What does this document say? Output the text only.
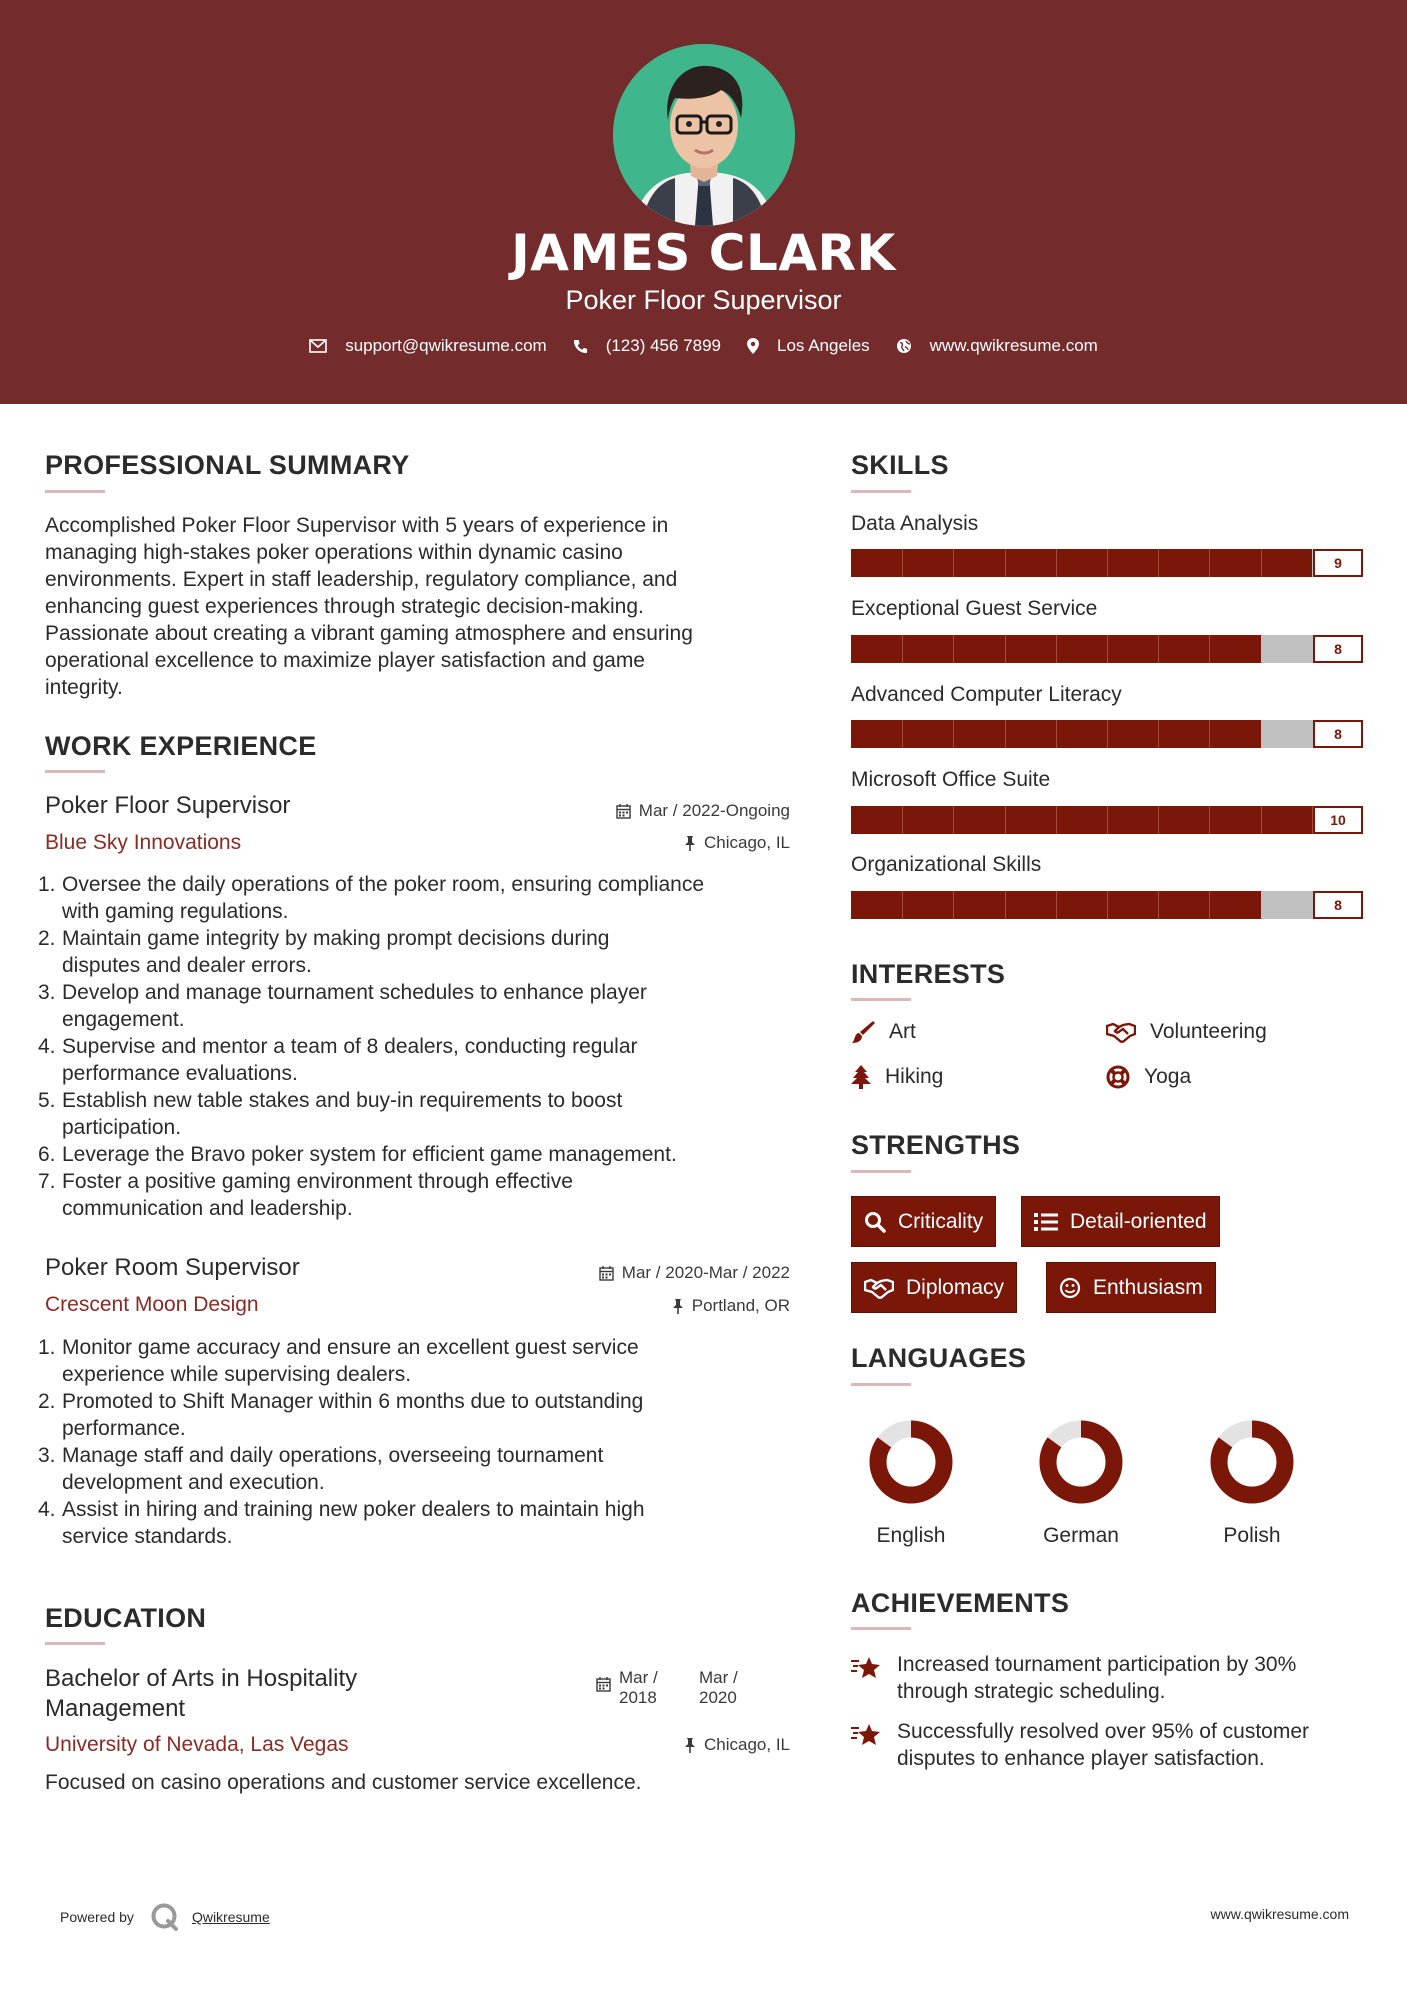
JAMES CLARK
Poker Floor Supervisor
support@qwikresume.com	(123) 456 7899	Los Angeles	www.qwikresume.com
PROFESSIONAL SUMMARY
Accomplished Poker Floor Supervisor with 5 years of experience in
managing high-stakes poker operations within dynamic casino
environments. Expert in staff leadership, regulatory compliance, and
enhancing guest experiences through strategic decision-making.
Passionate about creating a vibrant gaming atmosphere and ensuring
operational excellence to maximize player satisfaction and game
integrity.
WORK EXPERIENCE
Poker Floor Supervisor	Mar / 2022-Ongoing
Blue Sky Innovations	Chicago, IL
1. Oversee the daily operations of the poker room, ensuring compliance
with gaming regulations.
2. Maintain game integrity by making prompt decisions during
disputes and dealer errors.
3. Develop and manage tournament schedules to enhance player
engagement.
4. Supervise and mentor a team of 8 dealers, conducting regular
performance evaluations.
5. Establish new table stakes and buy-in requirements to boost
participation.
6. Leverage the Bravo poker system for efficient game management.
7. Foster a positive gaming environment through effective
communication and leadership.
Poker Room Supervisor	Mar / 2020-Mar / 2022
Crescent Moon Design	Portland, OR
1. Monitor game accuracy and ensure an excellent guest service
experience while supervising dealers.
2. Promoted to Shift Manager within 6 months due to outstanding
performance.
3. Manage staff and daily operations, overseeing tournament
development and execution.
4. Assist in hiring and training new poker dealers to maintain high
service standards.
EDUCATION
Bachelor of Arts in Hospitality
Management
Mar /
2018
Mar /
2020
University of Nevada, Las Vegas	Chicago, IL
Focused on casino operations and customer service excellence.
SKILLS
Data Analysis
9
Exceptional Guest Service
8
Advanced Computer Literacy
8
Microsoft Office Suite
10
Organizational Skills
8
INTERESTS
Art	Volunteering
Hiking	Yoga
STRENGTHS
Criticality	Detail-oriented
Diplomacy	Enthusiasm
LANGUAGES
English	German	Polish
ACHIEVEMENTS
Increased tournament participation by 30%
through strategic scheduling.
Successfully resolved over 95% of customer
disputes to enhance player satisfaction.
Powered by	Qwikresume	www.qwikresume.com
